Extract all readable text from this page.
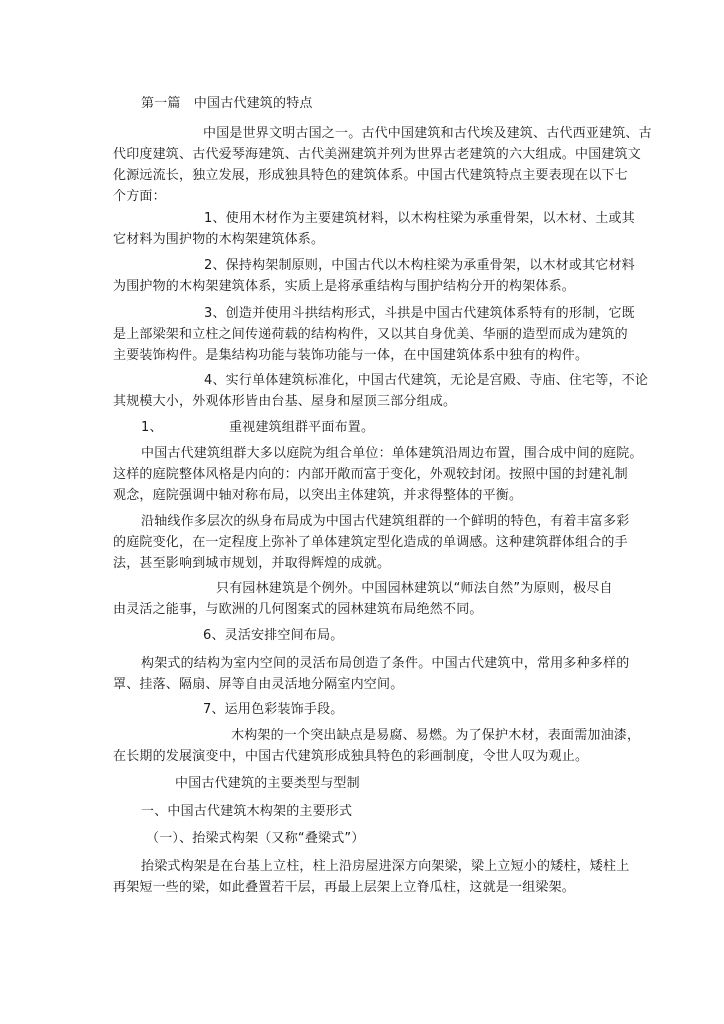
第一篇　中国古代建筑的特点
中国是世界文明古国之一。古代中国建筑和古代埃及建筑、古代西亚建筑、古
代印度建筑、古代爱琴海建筑、古代美洲建筑并列为世界古老建筑的六大组成。中国建筑文
化源远流长，独立发展，形成独具特色的建筑体系。中国古代建筑特点主要表现在以下七
个方面：
1、使用木材作为主要建筑材料，以木构柱梁为承重骨架，以木材、土或其
它材料为围护物的木构架建筑体系。
2、保持构架制原则，中国古代以木构柱梁为承重骨架，以木材或其它材料
为围护物的木构架建筑体系，实质上是将承重结构与围护结构分开的构架体系。
3、创造并使用斗拱结构形式，斗拱是中国古代建筑体系特有的形制，它既
是上部梁架和立柱之间传递荷载的结构构件，又以其自身优美、华丽的造型而成为建筑的
主要装饰构件。是集结构功能与装饰功能与一体，在中国建筑体系中独有的构件。
4、实行单体建筑标准化，中国古代建筑，无论是宫殿、寺庙、住宅等，不论
其规模大小，外观体形皆由台基、屋身和屋顶三部分组成。
1、	重视建筑组群平面布置。
中国古代建筑组群大多以庭院为组合单位：单体建筑沿周边布置，围合成中间的庭院。
这样的庭院整体风格是内向的：内部开敞而富于变化，外观较封闭。按照中国的封建礼制
观念，庭院强调中轴对称布局，以突出主体建筑，并求得整体的平衡。
沿轴线作多层次的纵身布局成为中国古代建筑组群的一个鲜明的特色，有着丰富多彩
的庭院变化，在一定程度上弥补了单体建筑定型化造成的单调感。这种建筑群体组合的手
法，甚至影响到城市规划，并取得辉煌的成就。
只有园林建筑是个例外。中国园林建筑以“师法自然”为原则，极尽自
由灵活之能事，与欧洲的几何图案式的园林建筑布局绝然不同。
6、灵活安排空间布局。
构架式的结构为室内空间的灵活布局创造了条件。中国古代建筑中，常用多种多样的
罩、挂落、隔扇、屏等自由灵活地分隔室内空间。
7、运用色彩装饰手段。
木构架的一个突出缺点是易腐、易燃。为了保护木材，表面需加油漆，
在长期的发展演变中，中国古代建筑形成独具特色的彩画制度，令世人叹为观止。
中国古代建筑的主要类型与型制
一、中国古代建筑木构架的主要形式
（一）、抬梁式构架（又称“叠梁式”）
抬梁式构架是在台基上立柱，柱上沿房屋进深方向架梁，梁上立短小的矮柱，矮柱上
再架短一些的梁，如此叠置若干层，再最上层架上立脊瓜柱，这就是一组梁架。
